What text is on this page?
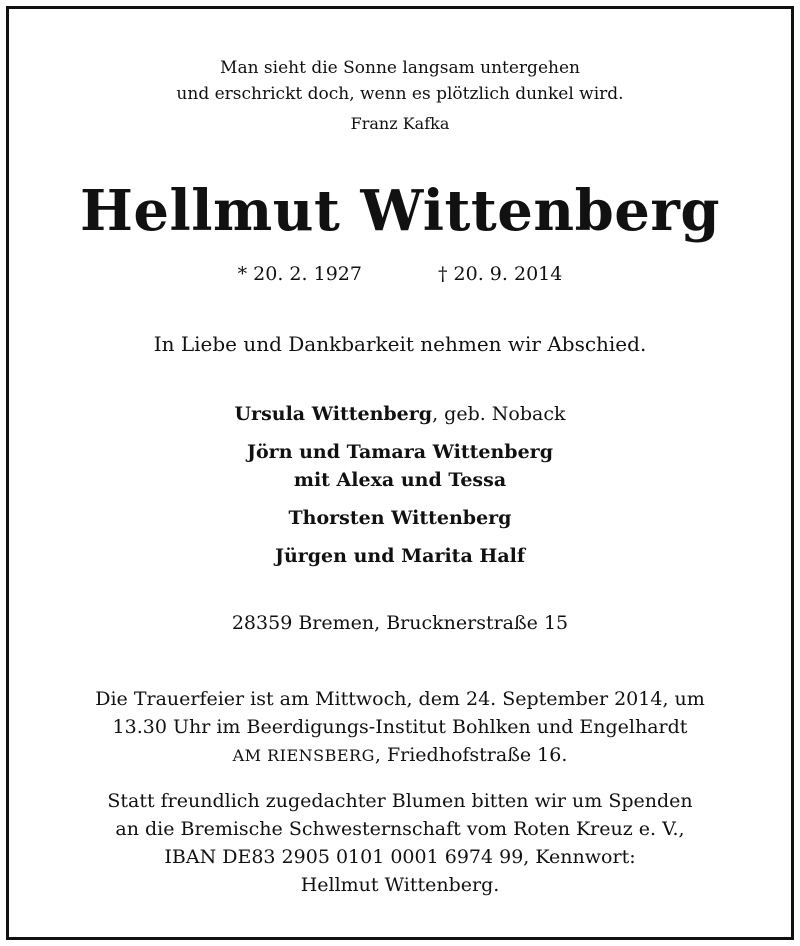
Man sieht die Sonne langsam untergehen
und erschrickt doch, wenn es plötzlich dunkel wird.
Franz Kafka
Hellmut Wittenberg
* 20. 2. 1927	† 20. 9. 2014
In Liebe und Dankbarkeit nehmen wir Abschied.
Ursula Wittenberg, geb. Noback
Jörn und Tamara Wittenberg
mit Alexa und Tessa
Thorsten Wittenberg
Jürgen und Marita Half
28359 Bremen, Brucknerstraße 15
Die Trauerfeier ist am Mittwoch, dem 24. September 2014, um
13.30 Uhr im Beerdigungs-Institut Bohlken und Engelhardt
AM RIENSBERG, Friedhofstraße 16.
Statt freundlich zugedachter Blumen bitten wir um Spenden
an die Bremische Schwesternschaft vom Roten Kreuz e. V.,
IBAN DE83 2905 0101 0001 6974 99, Kennwort:
Hellmut Wittenberg.
